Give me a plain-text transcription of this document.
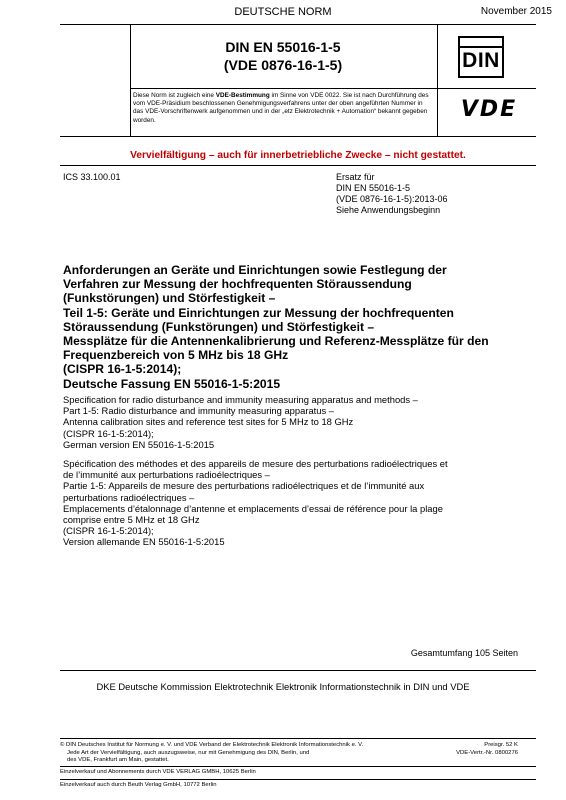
DEUTSCHE NORM	November 2015
DIN EN 55016-1-5
(VDE 0876-16-1-5)	DIN
Diese Norm ist zugleich eine VDE-Bestimmung im Sinne von VDE 0022. Sie ist nach Durchführung des vom VDE-Präsidium beschlossenen Genehmigungsverfahrens unter der oben angeführten Nummer in das VDE-Vorschriftenwerk aufgenommen und in der „etz Elektrotechnik + Automation“ bekannt gegeben worden.	VDE
Vervielfältigung – auch für innerbetriebliche Zwecke – nicht gestattet.
ICS 33.100.01	Ersatz für
DIN EN 55016-1-5
(VDE 0876-16-1-5):2013-06
Siehe Anwendungsbeginn
Anforderungen an Geräte und Einrichtungen sowie Festlegung der
Verfahren zur Messung der hochfrequenten Störaussendung
(Funkstörungen) und Störfestigkeit –
Teil 1-5: Geräte und Einrichtungen zur Messung der hochfrequenten
Störaussendung (Funkstörungen) und Störfestigkeit –
Messplätze für die Antennenkalibrierung und Referenz-Messplätze für den
Frequenzbereich von 5 MHz bis 18 GHz
(CISPR 16-1-5:2014);
Deutsche Fassung EN 55016-1-5:2015
Specification for radio disturbance and immunity measuring apparatus and methods –
Part 1-5: Radio disturbance and immunity measuring apparatus –
Antenna calibration sites and reference test sites for 5 MHz to 18 GHz
(CISPR 16-1-5:2014);
German version EN 55016-1-5:2015
Spécification des méthodes et des appareils de mesure des perturbations radioélectriques et
de l’immunité aux perturbations radioélectriques –
Partie 1-5: Appareils de mesure des perturbations radioélectriques et de l’immunité aux
perturbations radioélectriques –
Emplacements d’étalonnage d’antenne et emplacements d’essai de référence pour la plage
comprise entre 5 MHz et 18 GHz
(CISPR 16-1-5:2014);
Version allemande EN 55016-1-5:2015
Gesamtumfang 105 Seiten
DKE Deutsche Kommission Elektrotechnik Elektronik Informationstechnik in DIN und VDE
© DIN Deutsches Institut für Normung e. V. und VDE Verband der Elektrotechnik Elektronik Informationstechnik e. V.
Jede Art der Vervielfältigung, auch auszugsweise, nur mit Genehmigung des DIN, Berlin, und
des VDE, Frankfurt am Main, gestattet.
Preisgr. 52 K
VDE-Vertr.-Nr. 0800276
Einzelverkauf und Abonnements durch VDE VERLAG GMBH, 10625 Berlin
Einzelverkauf auch durch Beuth Verlag GmbH, 10772 Berlin
